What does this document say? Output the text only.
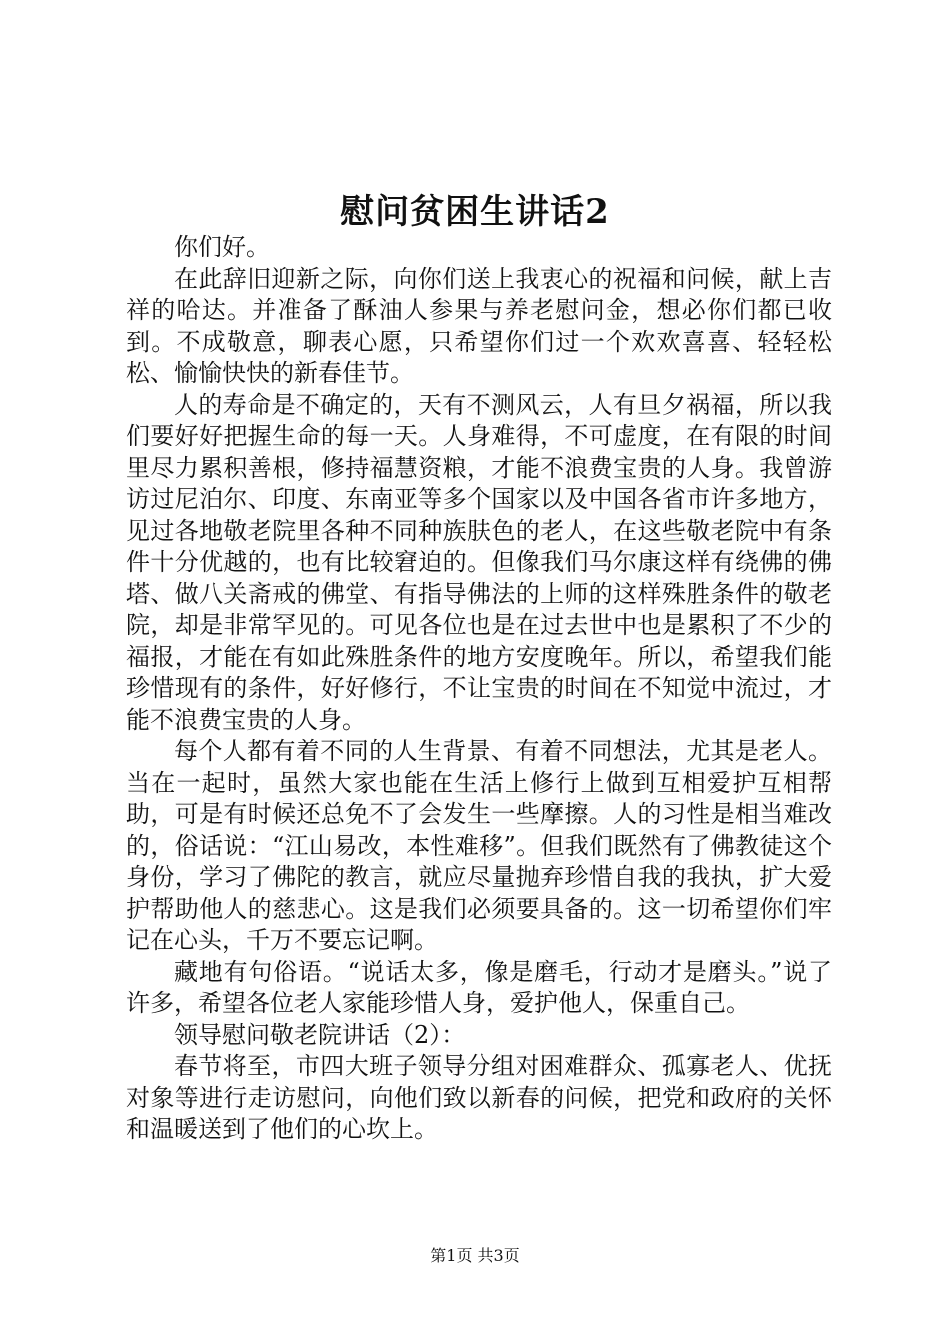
慰问贫困生讲话2

你们好。

在此辞旧迎新之际，向你们送上我衷心的祝福和问候，献上吉祥的哈达。并准备了酥油人参果与养老慰问金，想必你们都已收到。不成敬意，聊表心愿，只希望你们过一个欢欢喜喜、轻轻松松、愉愉快快的新春佳节。

人的寿命是不确定的，天有不测风云，人有旦夕祸福，所以我们要好好把握生命的每一天。人身难得，不可虚度，在有限的时间里尽力累积善根，修持福慧资粮，才能不浪费宝贵的人身。我曾游访过尼泊尔、印度、东南亚等多个国家以及中国各省市许多地方，见过各地敬老院里各种不同种族肤色的老人，在这些敬老院中有条件十分优越的，也有比较窘迫的。但像我们马尔康这样有绕佛的佛塔、做八关斋戒的佛堂、有指导佛法的上师的这样殊胜条件的敬老院，却是非常罕见的。可见各位也是在过去世中也是累积了不少的福报，才能在有如此殊胜条件的地方安度晚年。所以，希望我们能珍惜现有的条件，好好修行，不让宝贵的时间在不知觉中流过，才能不浪费宝贵的人身。

每个人都有着不同的人生背景、有着不同想法，尤其是老人。当在一起时，虽然大家也能在生活上修行上做到互相爱护互相帮助，可是有时候还总免不了会发生一些摩擦。人的习性是相当难改的，俗话说：“江山易改，本性难移”。但我们既然有了佛教徒这个身份，学习了佛陀的教言，就应尽量抛弃珍惜自我的我执，扩大爱护帮助他人的慈悲心。这是我们必须要具备的。这一切希望你们牢记在心头，千万不要忘记啊。

藏地有句俗语。“说话太多，像是磨毛，行动才是磨头。”说了许多，希望各位老人家能珍惜人身，爱护他人，保重自己。

领导慰问敬老院讲话（2）：

春节将至，市四大班子领导分组对困难群众、孤寡老人、优抚对象等进行走访慰问，向他们致以新春的问候，把党和政府的关怀和温暖送到了他们的心坎上。

第1页 共3页
